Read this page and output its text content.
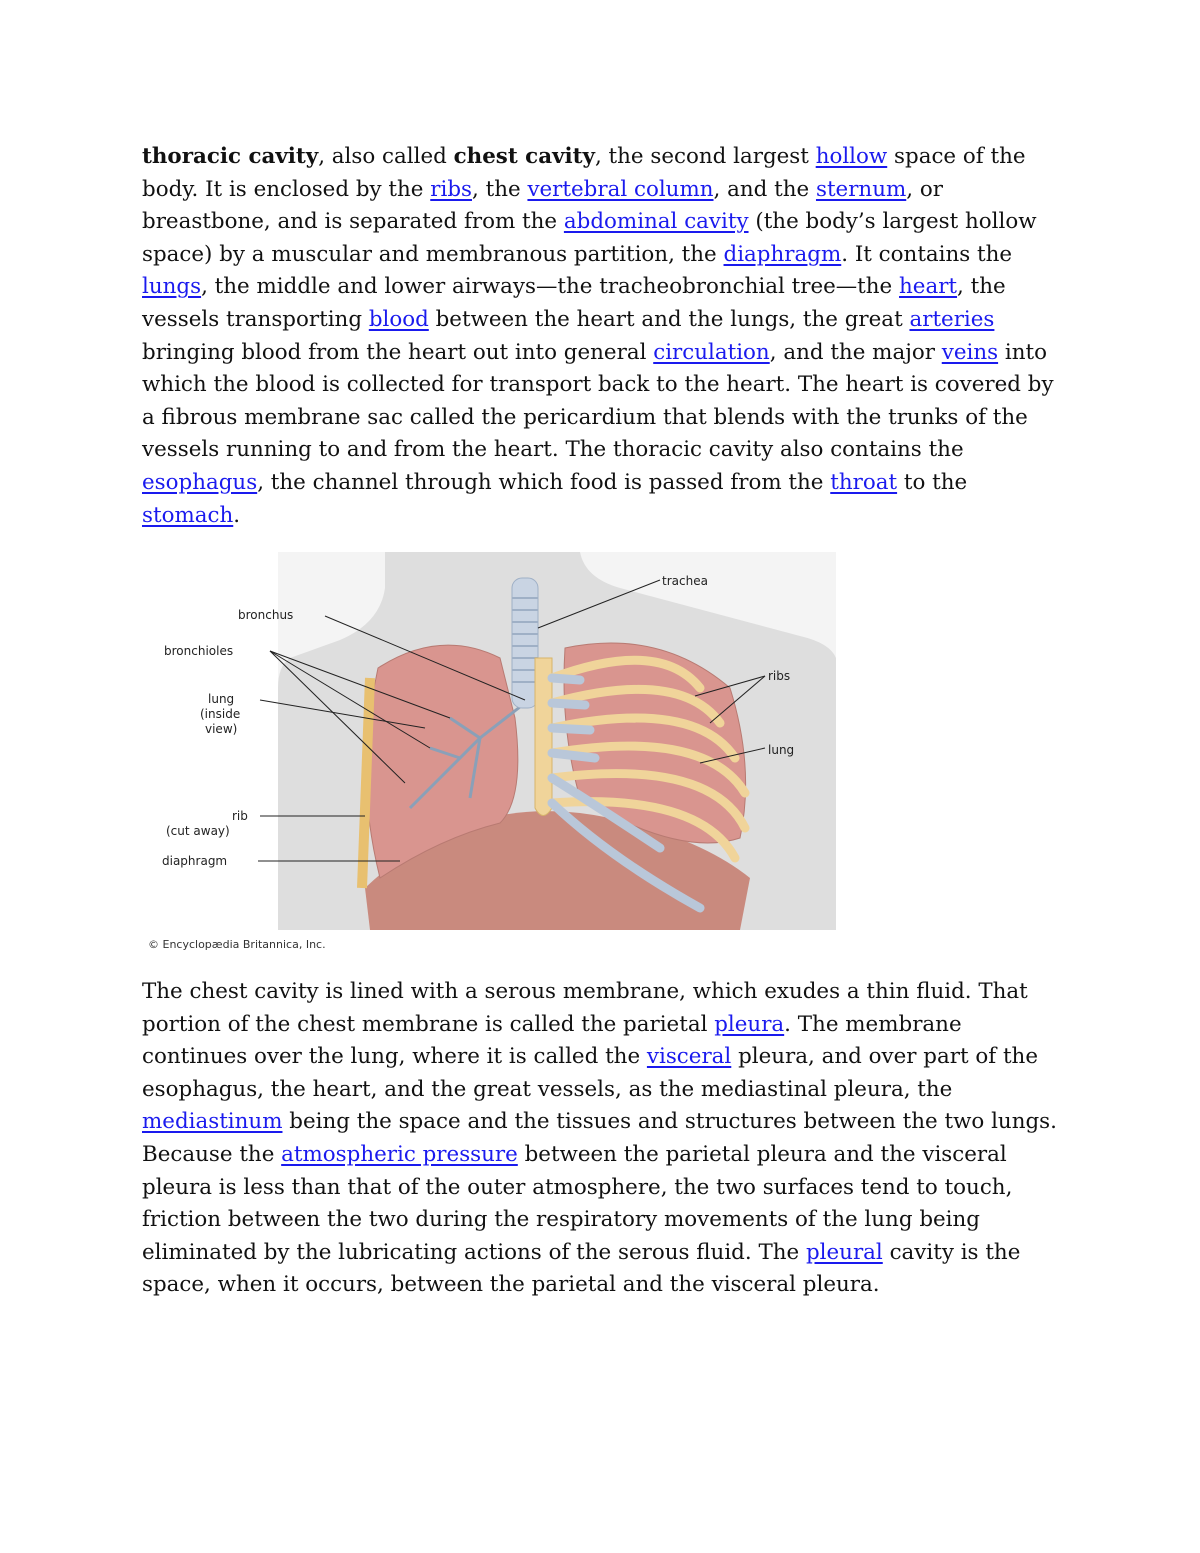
thoracic cavity, also called chest cavity, the second largest hollow space of the body. It is enclosed by the ribs, the vertebral column, and the sternum, or breastbone, and is separated from the abdominal cavity (the body’s largest hollow space) by a muscular and membranous partition, the diaphragm. It contains the lungs, the middle and lower airways—the tracheobronchial tree—the heart, the vessels transporting blood between the heart and the lungs, the great arteries bringing blood from the heart out into general circulation, and the major veins into which the blood is collected for transport back to the heart. The heart is covered by a fibrous membrane sac called the pericardium that blends with the trunks of the vessels running to and from the heart. The thoracic cavity also contains the esophagus, the channel through which food is passed from the throat to the stomach.

trachea
bronchus
bronchioles
lung
(inside
view)
ribs
lung
rib
(cut away)
diaphragm
© Encyclopædia Britannica, Inc.

The chest cavity is lined with a serous membrane, which exudes a thin fluid. That portion of the chest membrane is called the parietal pleura. The membrane continues over the lung, where it is called the visceral pleura, and over part of the esophagus, the heart, and the great vessels, as the mediastinal pleura, the mediastinum being the space and the tissues and structures between the two lungs. Because the atmospheric pressure between the parietal pleura and the visceral pleura is less than that of the outer atmosphere, the two surfaces tend to touch, friction between the two during the respiratory movements of the lung being eliminated by the lubricating actions of the serous fluid. The pleural cavity is the space, when it occurs, between the parietal and the visceral pleura.
